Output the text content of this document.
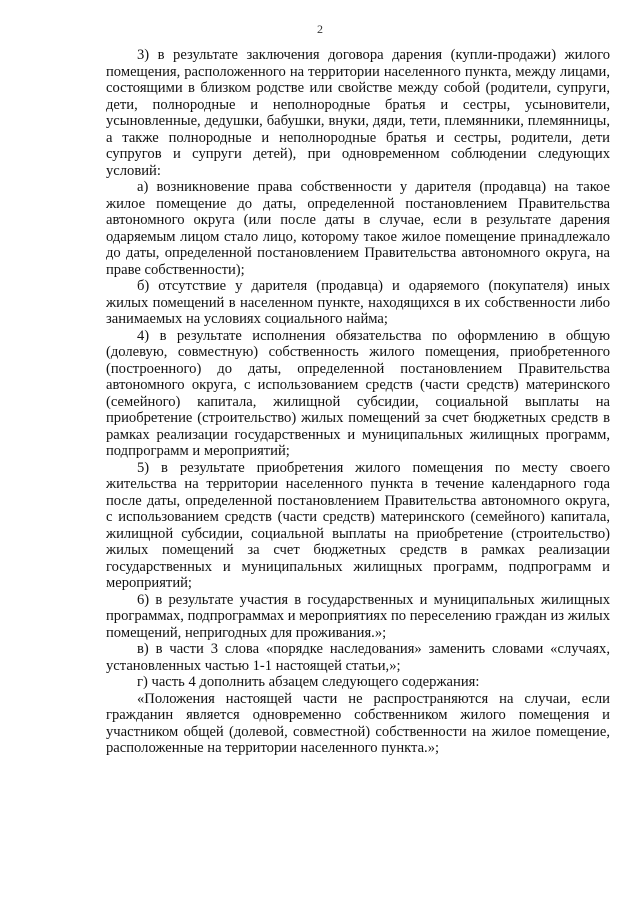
2

3) в результате заключения договора дарения (купли-продажи) жилого помещения, расположенного на территории населенного пункта, между лицами, состоящими в близком родстве или свойстве между собой (родители, супруги, дети, полнородные и неполнородные братья и сестры, усыновители, усыновленные, дедушки, бабушки, внуки, дяди, тети, племянники, племянницы, а также полнородные и неполнородные братья и сестры, родители, дети супругов и супруги детей), при одновременном соблюдении следующих условий:

а) возникновение права собственности у дарителя (продавца) на такое жилое помещение до даты, определенной постановлением Правительства автономного округа (или после даты в случае, если в результате дарения одаряемым лицом стало лицо, которому такое жилое помещение принадлежало до даты, определенной постановлением Правительства автономного округа, на праве собственности);

б) отсутствие у дарителя (продавца) и одаряемого (покупателя) иных жилых помещений в населенном пункте, находящихся в их собственности либо занимаемых на условиях социального найма;

4) в результате исполнения обязательства по оформлению в общую (долевую, совместную) собственность жилого помещения, приобретенного (построенного) до даты, определенной постановлением Правительства автономного округа, с использованием средств (части средств) материнского (семейного) капитала, жилищной субсидии, социальной выплаты на приобретение (строительство) жилых помещений за счет бюджетных средств в рамках реализации государственных и муниципальных жилищных программ, подпрограмм и мероприятий;

5) в результате приобретения жилого помещения по месту своего жительства на территории населенного пункта в течение календарного года после даты, определенной постановлением Правительства автономного округа, с использованием средств (части средств) материнского (семейного) капитала, жилищной субсидии, социальной выплаты на приобретение (строительство) жилых помещений за счет бюджетных средств в рамках реализации государственных и муниципальных жилищных программ, подпрограмм и мероприятий;

6) в результате участия в государственных и муниципальных жилищных программах, подпрограммах и мероприятиях по переселению граждан из жилых помещений, непригодных для проживания.»;

в) в части 3 слова «порядке наследования» заменить словами «случаях, установленных частью 1-1 настоящей статьи,»;

г) часть 4 дополнить абзацем следующего содержания:

«Положения настоящей части не распространяются на случаи, если гражданин является одновременно собственником жилого помещения и участником общей (долевой, совместной) собственности на жилое помещение, расположенные на территории населенного пункта.»;
